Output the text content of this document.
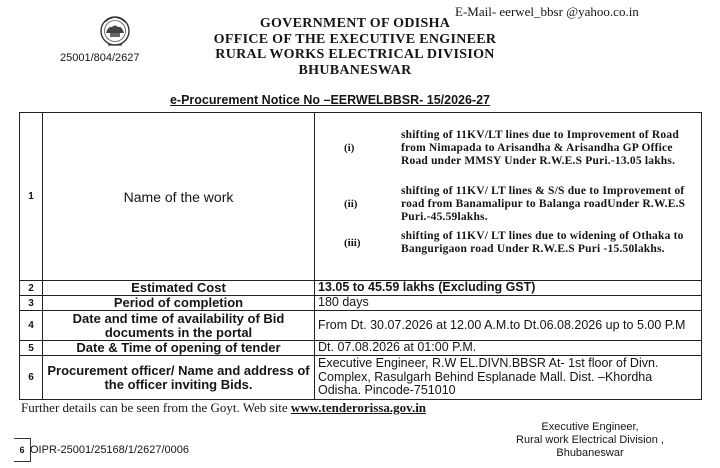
E-Mail- eerwel_bbsr @yahoo.co.in
25001/804/2627
GOVERNMENT OF ODISHA
OFFICE OF THE EXECUTIVE ENGINEER
RURAL WORKS ELECTRICAL DIVISION
BHUBANESWAR
e-Procurement Notice No –EERWELBBSR- 15/2026-27
1	Name of the work	
(i)	shifting of 11KV/LT lines due to Improvement of Road from Nimapada to Arisandha & Arisandha GP Office Road under MMSY Under R.W.E.S Puri.-13.05 lakhs.
(ii)	shifting of 11KV/ LT lines & S/S due to Improvement of road from Banamalipur to Balanga roadUnder R.W.E.S Puri.-45.59lakhs.
(iii)	shifting of 11KV/ LT lines due to widening of Othaka to Bangurigaon road Under R.W.E.S Puri -15.50lakhs.

2	Estimated Cost	13.05 to 45.59 lakhs (Excluding GST)
3	Period of completion	180 days
4	Date and time of availability of Bid documents in the portal	From Dt. 30.07.2026 at 12.00 A.M.to Dt.06.08.2026 up to 5.00 P.M
5	Date & Time of opening of tender	Dt. 07.08.2026 at 01:00 P.M.
6	Procurement officer/ Name and address of the officer inviting Bids.	Executive Engineer, R.W EL.DIVN.BBSR At- 1st floor of Divn. Complex, Rasulgarh Behind Esplanade Mall. Dist. –Khordha Odisha. Pincode-751010
Further details can be seen from the Goyt. Web site www.tenderorissa.gov.in
6 OIPR-25001/25168/1/2627/0006
Executive Engineer,
Rural work Electrical Division ,
Bhubaneswar
